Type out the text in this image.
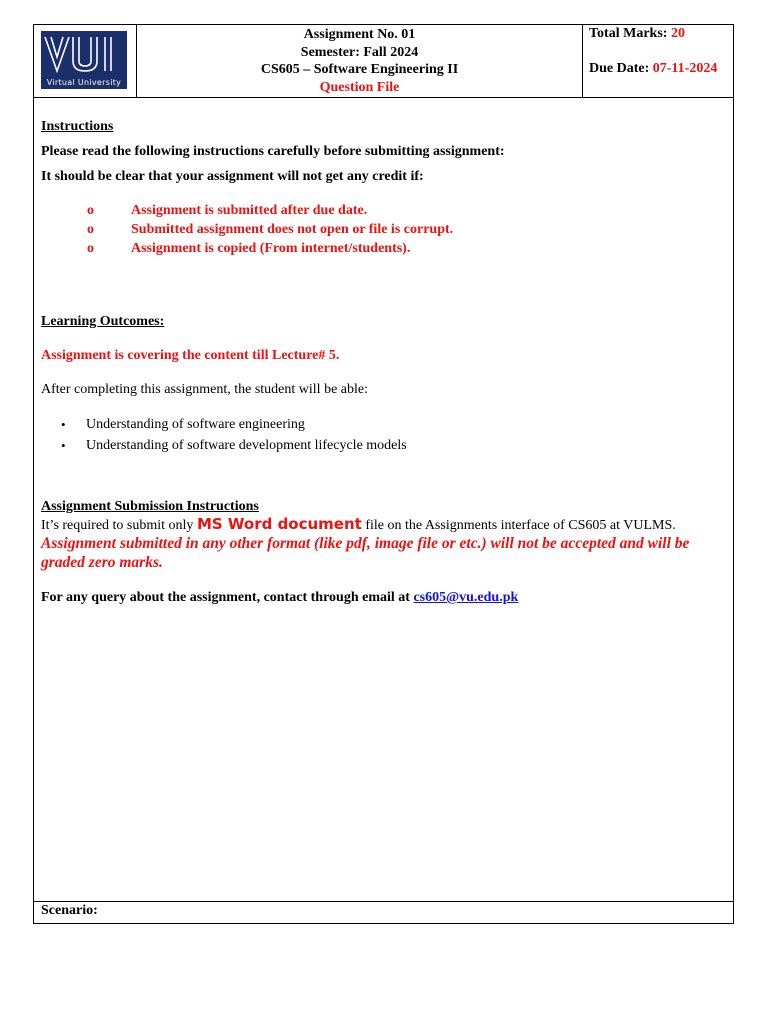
Virtual University
Assignment No. 01
Semester: Fall 2024
CS605 – Software Engineering II
Question File
Total Marks: 20
Due Date: 07-11-2024

Instructions

Please read the following instructions carefully before submitting assignment:

It should be clear that your assignment will not get any credit if:

o	Assignment is submitted after due date.
o	Submitted assignment does not open or file is corrupt.
o	Assignment is copied (From internet/students).

Learning Outcomes:

Assignment is covering the content till Lecture# 5.

After completing this assignment, the student will be able:

• Understanding of software engineering
• Understanding of software development lifecycle models

Assignment Submission Instructions

It’s required to submit only MS Word document file on the Assignments interface of CS605 at VULMS.

Assignment submitted in any other format (like pdf, image file or etc.) will not be accepted and will be graded zero marks.

For any query about the assignment, contact through email at cs605@vu.edu.pk

Scenario:
